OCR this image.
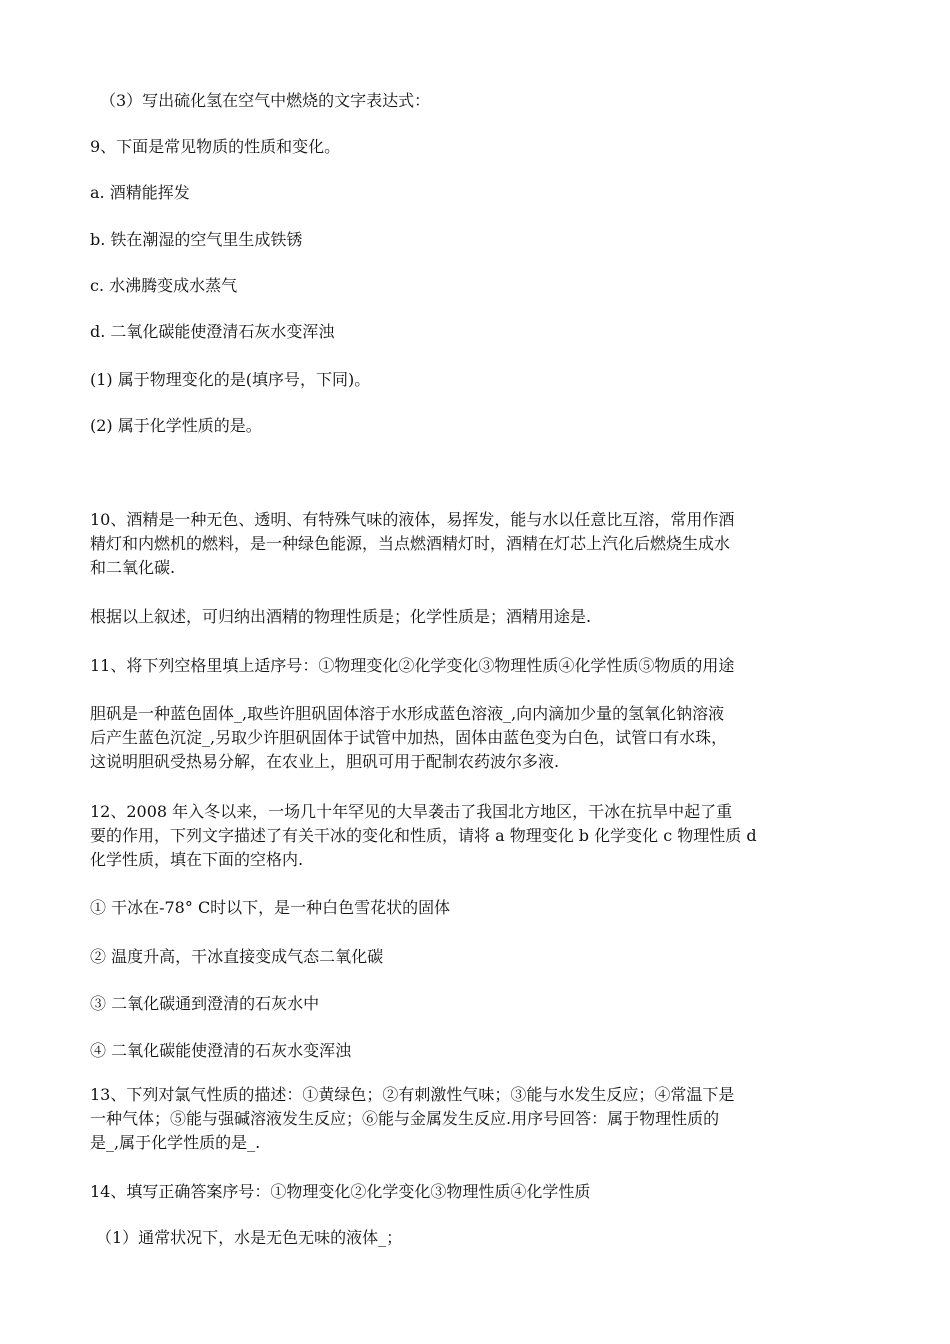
（3）写出硫化氢在空气中燃烧的文字表达式：
9、下面是常见物质的性质和变化。
a. 酒精能挥发
b. 铁在潮湿的空气里生成铁锈
c. 水沸腾变成水蒸气
d. 二氧化碳能使澄清石灰水变浑浊
(1) 属于物理变化的是(填序号，下同)。
(2) 属于化学性质的是。
10、酒精是一种无色、透明、有特殊气味的液体，易挥发，能与水以任意比互溶，常用作酒
精灯和内燃机的燃料，是一种绿色能源，当点燃酒精灯时，酒精在灯芯上汽化后燃烧生成水
和二氧化碳.
根据以上叙述，可归纳出酒精的物理性质是；化学性质是；酒精用途是.
11、将下列空格里填上适序号：①物理变化②化学变化③物理性质④化学性质⑤物质的用途
胆矾是一种蓝色固体_,取些许胆矾固体溶于水形成蓝色溶液_,向内滴加少量的氢氧化钠溶液
后产生蓝色沉淀_,另取少许胆矾固体于试管中加热，固体由蓝色变为白色，试管口有水珠，
这说明胆矾受热易分解，在农业上，胆矾可用于配制农药波尔多液.
12、2008 年入冬以来，一场几十年罕见的大旱袭击了我国北方地区，干冰在抗旱中起了重
要的作用，下列文字描述了有关干冰的变化和性质，请将 a 物理变化 b 化学变化 c 物理性质 d
化学性质，填在下面的空格内.
① 干冰在-78° C时以下，是一种白色雪花状的固体
② 温度升高，干冰直接变成气态二氧化碳
③ 二氧化碳通到澄清的石灰水中
④ 二氧化碳能使澄清的石灰水变浑浊
13、下列对氯气性质的描述：①黄绿色；②有刺激性气味；③能与水发生反应；④常温下是
一种气体；⑤能与强碱溶液发生反应；⑥能与金属发生反应.用序号回答：属于物理性质的
是_,属于化学性质的是_.
14、填写正确答案序号：①物理变化②化学变化③物理性质④化学性质
（1）通常状况下，水是无色无味的液体_；
